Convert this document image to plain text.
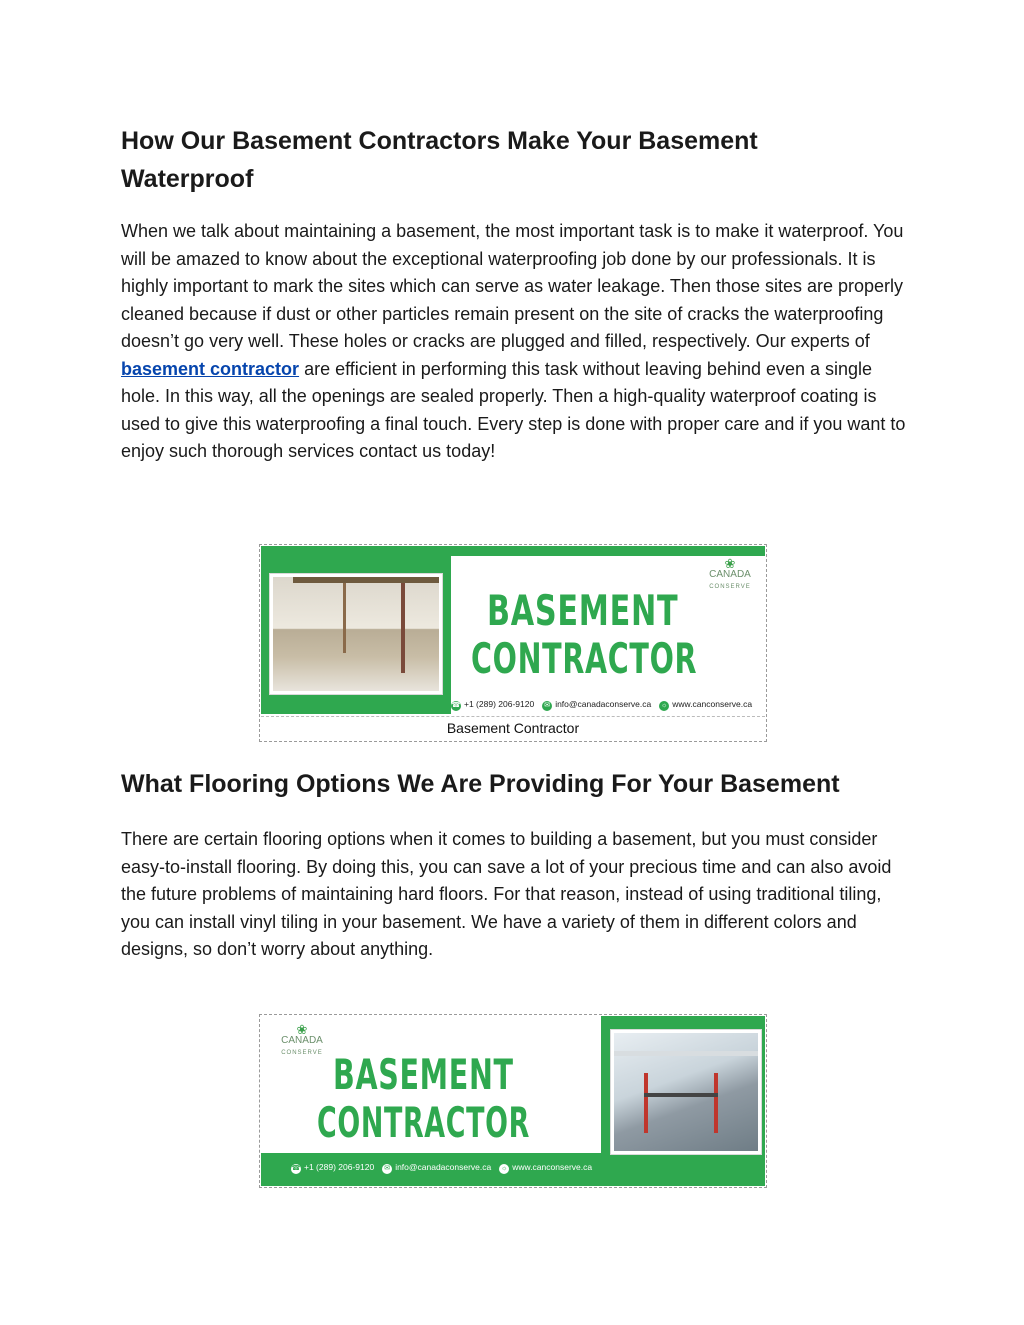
How Our Basement Contractors Make Your Basement Waterproof

When we talk about maintaining a basement, the most important task is to make it waterproof. You will be amazed to know about the exceptional waterproofing job done by our professionals. It is highly important to mark the sites which can serve as water leakage. Then those sites are properly cleaned because if dust or other particles remain present on the site of cracks the waterproofing doesn’t go very well. These holes or cracks are plugged and filled, respectively. Our experts of basement contractor are efficient in performing this task without leaving behind even a single hole. In this way, all the openings are sealed properly. Then a high-quality waterproof coating is used to give this waterproofing a final touch. Every step is done with proper care and if you want to enjoy such thorough services contact us today!

❀
CANADA
CONSERVE
BASEMENT
CONTRACTOR
☎ +1 (289) 206-9120 ✉ info@canadaconserve.ca ☼ www.canconserve.ca
Basement Contractor
What Flooring Options We Are Providing For Your Basement

There are certain flooring options when it comes to building a basement, but you must consider easy-to-install flooring. By doing this, you can save a lot of your precious time and can also avoid the future problems of maintaining hard floors. For that reason, instead of using traditional tiling, you can install vinyl tiling in your basement. We have a variety of them in different colors and designs, so don’t worry about anything.

❀
CANADA
CONSERVE BASEMENT
CONTRACTOR
☎ +1 (289) 206-9120 ✉ info@canadaconserve.ca ☼ www.canconserve.ca
